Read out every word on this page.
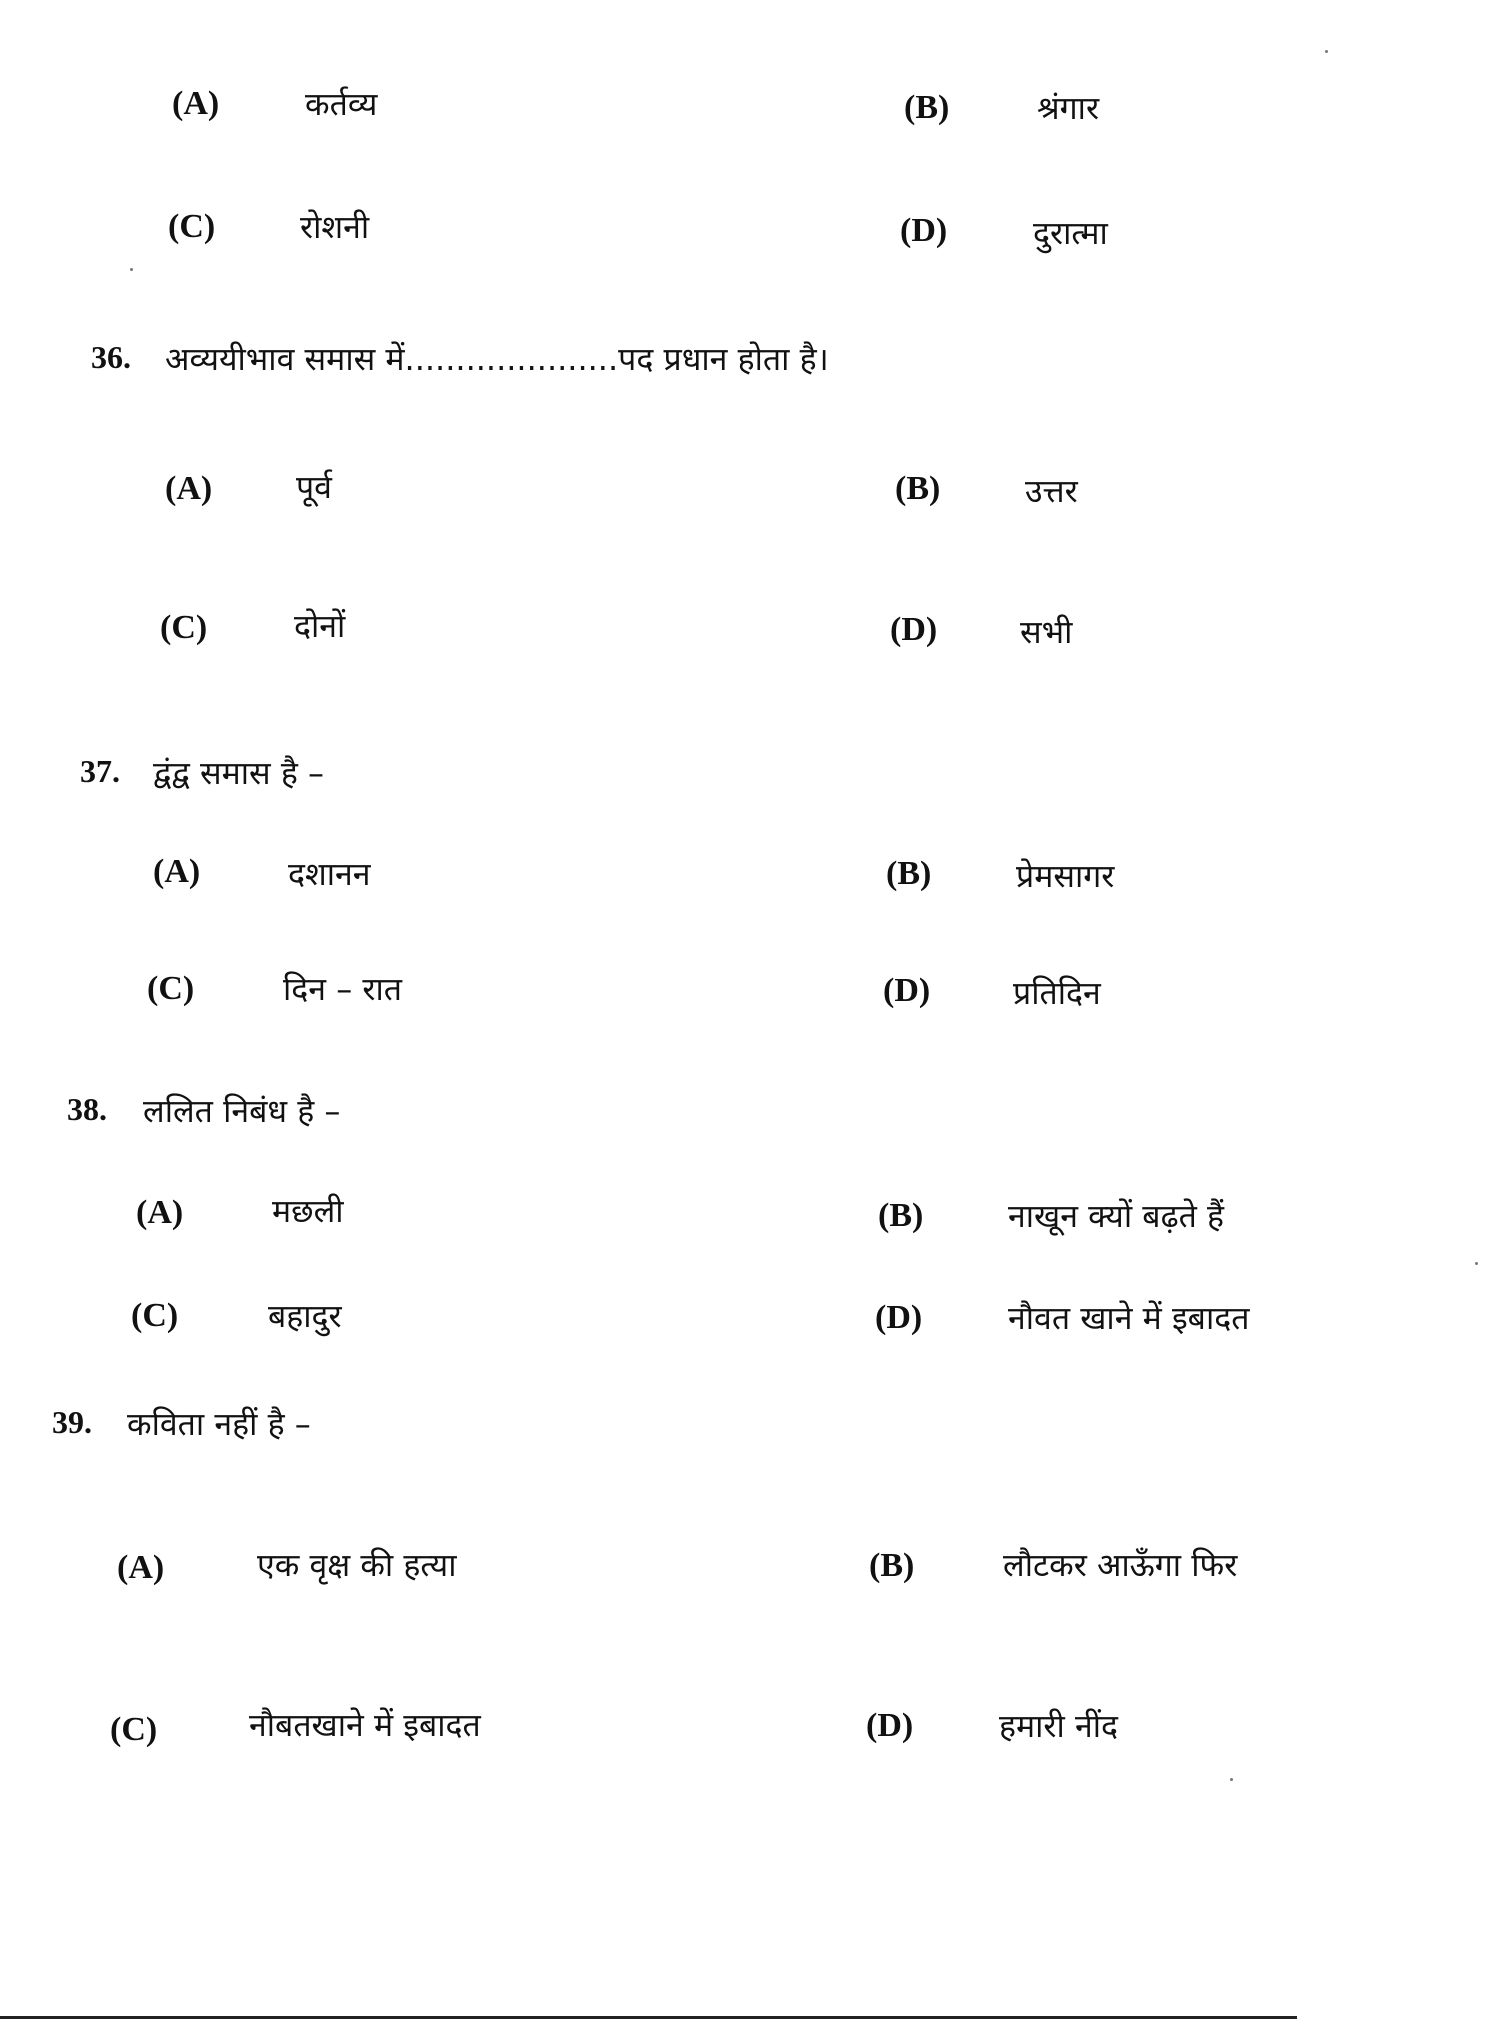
(A)	कर्तव्य	(B)	श्रंगार
(C)	रोशनी	(D)	दुरात्मा
36. अव्ययीभाव समास में.....................पद प्रधान होता है।
(A)	पूर्व	(B)	उत्तर
(C)	दोनों	(D)	सभी
37. द्वंद्व समास है –
(A)	दशानन	(B)	प्रेमसागर
(C)	दिन – रात	(D)	प्रतिदिन
38. ललित निबंध है –
(A)	मछली	(B)	नाखून क्यों बढ़ते हैं
(C)	बहादुर	(D)	नौवत खाने में इबादत
39. कविता नहीं है –
(A)	एक वृक्ष की हत्या	(B)	लौटकर आऊँगा फिर
(C)	नौबतखाने में इबादत	(D)	हमारी नींद
